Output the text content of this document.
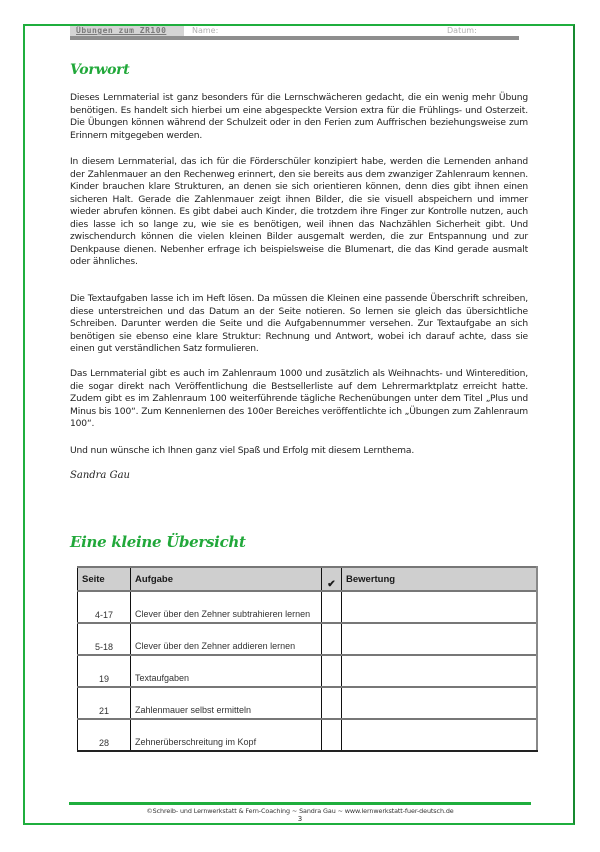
Übungen zum ZR100	Name:	Datum:
Vorwort

Dieses Lernmaterial ist ganz besonders für die Lernschwächeren gedacht, die ein wenig mehr Übung benötigen. Es handelt sich hierbei um eine abgespeckte Version extra für die Frühlings- und Osterzeit. Die Übungen können während der Schulzeit oder in den Ferien zum Auffrischen beziehungsweise zum Erinnern mitgegeben werden.

In diesem Lernmaterial, das ich für die Förderschüler konzipiert habe, werden die Lernenden anhand der Zahlenmauer an den Rechenweg erinnert, den sie bereits aus dem zwanziger Zahlenraum kennen. Kinder brauchen klare Strukturen, an denen sie sich orientieren können, denn dies gibt ihnen einen sicheren Halt. Gerade die Zahlenmauer zeigt ihnen Bilder, die sie visuell abspeichern und immer wieder abrufen können. Es gibt dabei auch Kinder, die trotzdem ihre Finger zur Kontrolle nutzen, auch dies lasse ich so lange zu, wie sie es benötigen, weil ihnen das Nachzählen Sicherheit gibt. Und zwischendurch können die vielen kleinen Bilder ausgemalt werden, die zur Entspannung und zur Denkpause dienen. Nebenher erfrage ich beispielsweise die Blumenart, die das Kind gerade ausmalt oder ähnliches.

Die Textaufgaben lasse ich im Heft lösen. Da müssen die Kleinen eine passende Überschrift schreiben, diese unterstreichen und das Datum an der Seite notieren. So lernen sie gleich das übersichtliche Schreiben. Darunter werden die Seite und die Aufgabennummer versehen. Zur Textaufgabe an sich benötigen sie ebenso eine klare Struktur: Rechnung und Antwort, wobei ich darauf achte, dass sie einen gut verständlichen Satz formulieren.

Das Lernmaterial gibt es auch im Zahlenraum 1000 und zusätzlich als Weihnachts- und Winteredition, die sogar direkt nach Veröffentlichung die Bestsellerliste auf dem Lehrermarktplatz erreicht hatte. Zudem gibt es im Zahlenraum 100 weiterführende tägliche Rechenübungen unter dem Titel „Plus und Minus bis 100“. Zum Kennenlernen des 100er Bereiches veröffentlichte ich „Übungen zum Zahlenraum 100“.

Und nun wünsche ich Ihnen ganz viel Spaß und Erfolg mit diesem Lernthema.

Sandra Gau
Eine kleine Übersicht
Seite	Aufgabe	✔	Bewertung
4-17	Clever über den Zehner subtrahieren lernen		
5-18	Clever über den Zehner addieren lernen		
19	Textaufgaben		
21	Zahlenmauer selbst ermitteln		
28	Zehnerüberschreitung im Kopf		
©Schreib- und Lernwerkstatt & Fern-Coaching ~ Sandra Gau ~ www.lernwerkstatt-fuer-deutsch.de
3
